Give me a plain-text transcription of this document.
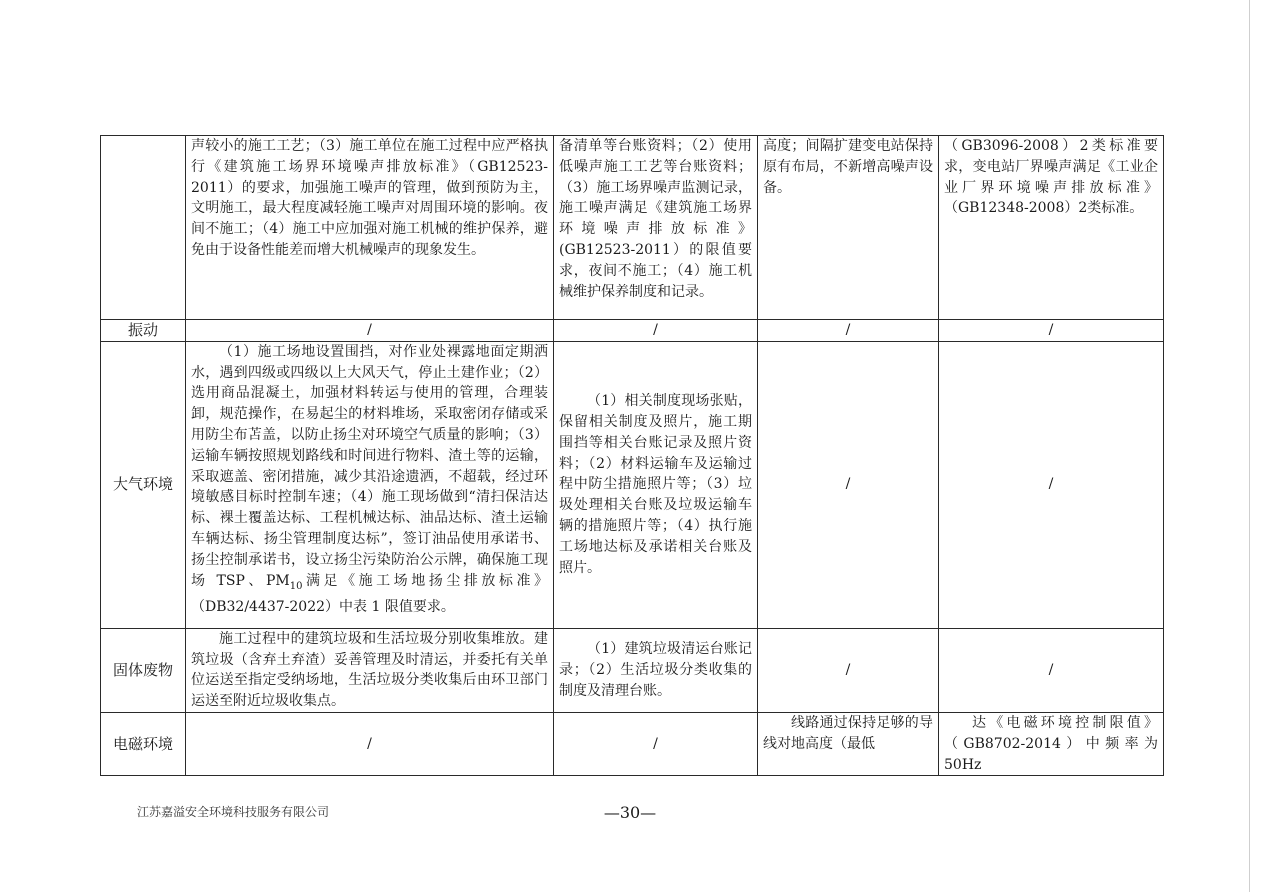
	声较小的施工工艺；（3）施工单位在施工过程中应严格执行《建筑施工场界环境噪声排放标准》（GB12523-2011）的要求，加强施工噪声的管理，做到预防为主，文明施工，最大程度减轻施工噪声对周围环境的影响。夜间不施工；（4）施工中应加强对施工机械的维护保养，避免由于设备性能差而增大机械噪声的现象发生。	备清单等台账资料；（2）使用低噪声施工工艺等台账资料；（3）施工场界噪声监测记录，施工噪声满足《建筑施工场界环境噪声排放标准》(GB12523-2011）的限值要求，夜间不施工；（4）施工机械维护保养制度和记录。	高度；间隔扩建变电站保持原有布局，不新增高噪声设备。	（GB3096-2008）2类标准要求，变电站厂界噪声满足《工业企业厂界环境噪声排放标准》（GB12348-2008）2类标准。
振动	/	/	/	/
大气环境	（1）施工场地设置围挡，对作业处裸露地面定期洒水，遇到四级或四级以上大风天气，停止土建作业；（2）选用商品混凝土，加强材料转运与使用的管理，合理装卸，规范操作，在易起尘的材料堆场，采取密闭存储或采用防尘布苫盖，以防止扬尘对环境空气质量的影响；（3）运输车辆按照规划路线和时间进行物料、渣土等的运输，采取遮盖、密闭措施，减少其沿途遗洒，不超载，经过环境敏感目标时控制车速；（4）施工现场做到“清扫保洁达标、裸土覆盖达标、工程机械达标、油品达标、渣土运输车辆达标、扬尘管理制度达标”，签订油品使用承诺书、扬尘控制承诺书，设立扬尘污染防治公示牌，确保施工现场 TSP、$PM_{10}$满足《施工场地扬尘排放标准》（DB32/4437-2022）中表 1 限值要求。	（1）相关制度现场张贴，保留相关制度及照片，施工期围挡等相关台账记录及照片资料；（2）材料运输车及运输过程中防尘措施照片等；（3）垃圾处理相关台账及垃圾运输车辆的措施照片等；（4）执行施工场地达标及承诺相关台账及照片。	/	/
固体废物	施工过程中的建筑垃圾和生活垃圾分别收集堆放。建筑垃圾（含弃土弃渣）妥善管理及时清运，并委托有关单位运送至指定受纳场地，生活垃圾分类收集后由环卫部门运送至附近垃圾收集点。	（1）建筑垃圾清运台账记录；（2）生活垃圾分类收集的制度及清理台账。	/	/
电磁环境	/	/	线路通过保持足够的导线对地高度（最低	达《电磁环境控制限值》（GB8702-2014）中频率为 50Hz
江苏嘉溢安全环境科技服务有限公司	—30—
